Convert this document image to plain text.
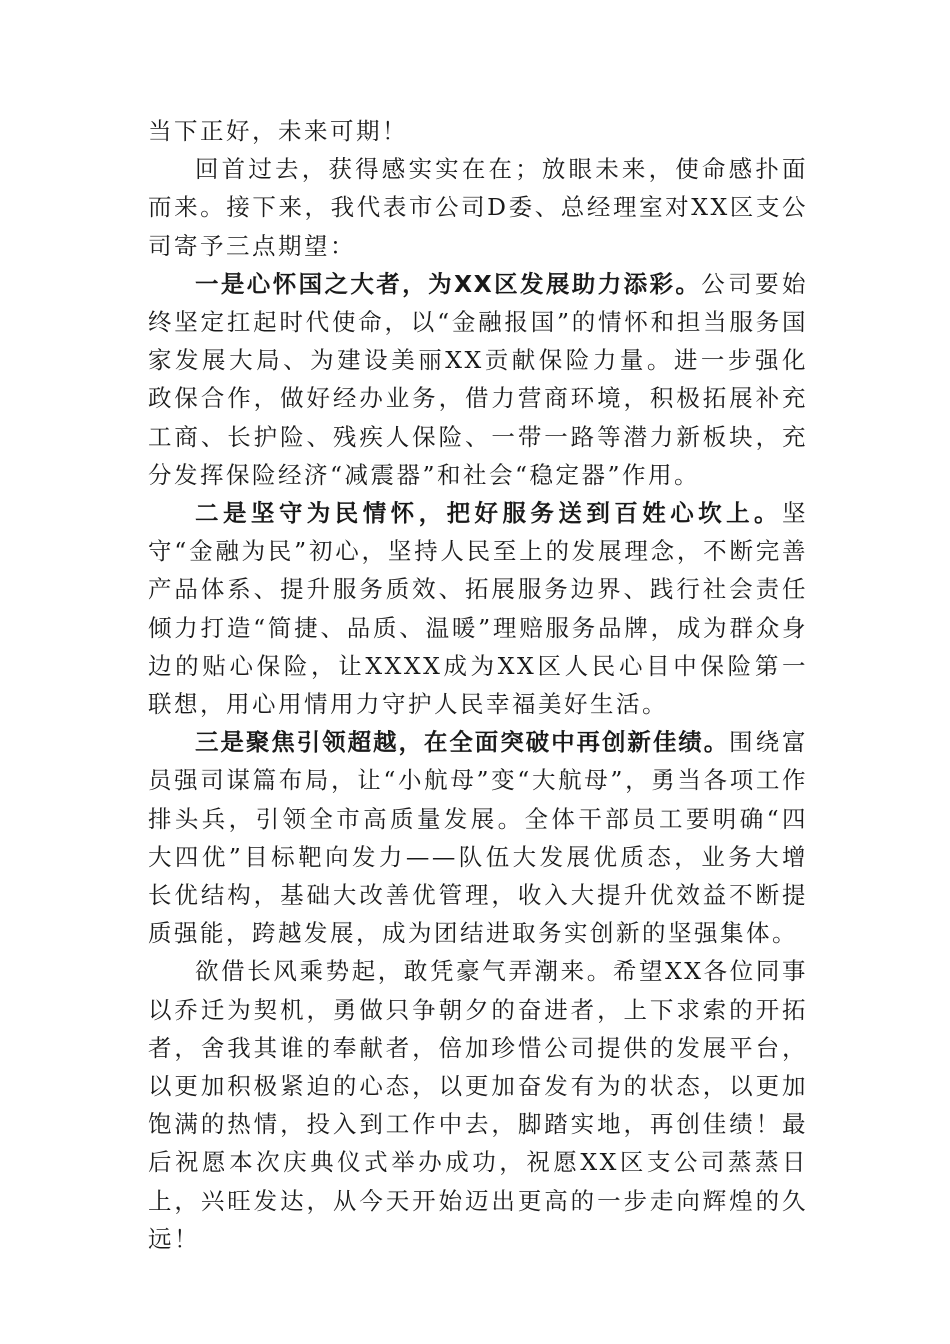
当下正好，未来可期！

回首过去，获得感实实在在；放眼未来，使命感扑面而来。接下来，我代表市公司D委、总经理室对XX区支公司寄予三点期望：

一是心怀国之大者，为XX区发展助力添彩。公司要始终坚定扛起时代使命，以“金融报国”的情怀和担当服务国家发展大局、为建设美丽XX贡献保险力量。进一步强化政保合作，做好经办业务，借力营商环境，积极拓展补充工商、长护险、残疾人保险、一带一路等潜力新板块，充分发挥保险经济“减震器”和社会“稳定器”作用。

二是坚守为民情怀，把好服务送到百姓心坎上。坚守“金融为民”初心，坚持人民至上的发展理念，不断完善产品体系、提升服务质效、拓展服务边界、践行社会责任倾力打造“简捷、品质、温暖”理赔服务品牌，成为群众身边的贴心保险，让XXXX成为XX区人民心目中保险第一联想，用心用情用力守护人民幸福美好生活。

三是聚焦引领超越，在全面突破中再创新佳绩。围绕富员强司谋篇布局，让“小航母”变“大航母”，勇当各项工作排头兵，引领全市高质量发展。全体干部员工要明确“四大四优”目标靶向发力——队伍大发展优质态，业务大增长优结构，基础大改善优管理，收入大提升优效益不断提质强能，跨越发展，成为团结进取务实创新的坚强集体。

欲借长风乘势起，敢凭豪气弄潮来。希望XX各位同事以乔迁为契机，勇做只争朝夕的奋进者，上下求索的开拓者，舍我其谁的奉献者，倍加珍惜公司提供的发展平台，以更加积极紧迫的心态，以更加奋发有为的状态，以更加饱满的热情，投入到工作中去，脚踏实地，再创佳绩！最后祝愿本次庆典仪式举办成功，祝愿XX区支公司蒸蒸日上，兴旺发达，从今天开始迈出更高的一步走向辉煌的久远！
